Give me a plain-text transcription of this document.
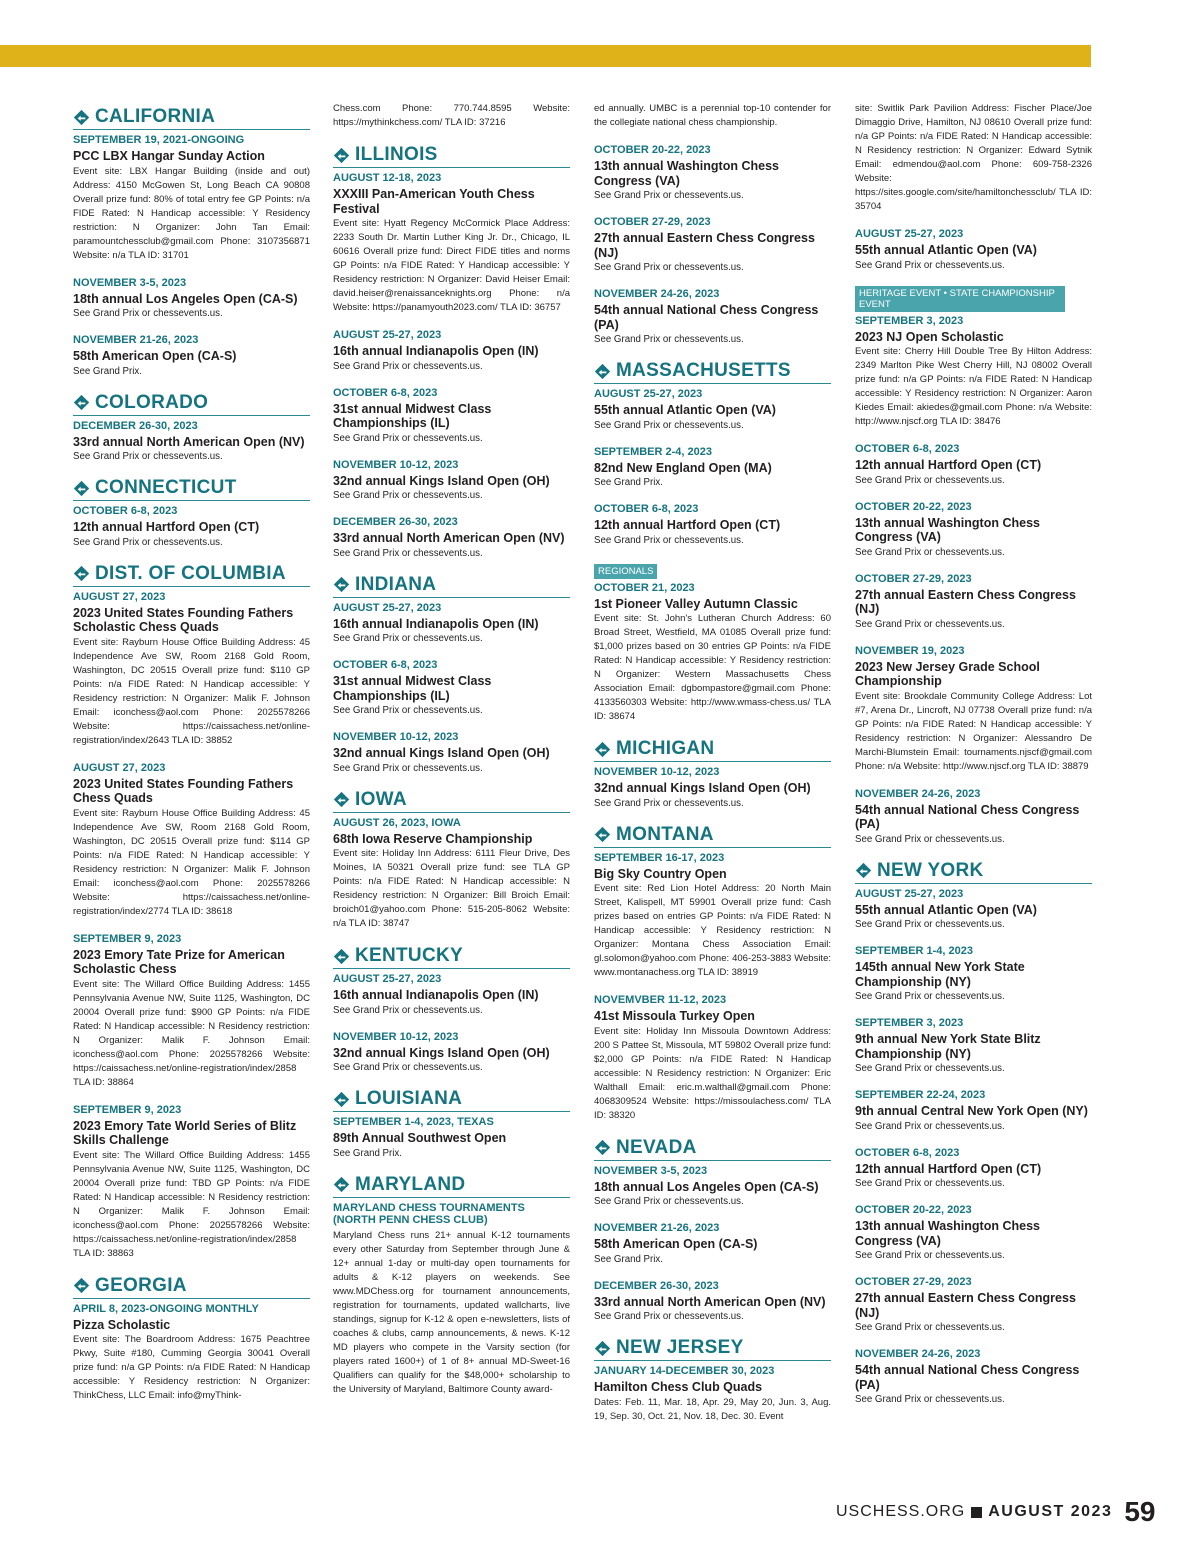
CALIFORNIA
SEPTEMBER 19, 2021-ONGOING
PCC LBX Hangar Sunday Action
Event site: LBX Hangar Building (inside and out) Address: 4150 McGowen St, Long Beach CA 90808 Overall prize fund: 80% of total entry fee GP Points: n/a FIDE Rated: N Handicap accessible: Y Residency restriction: N Organizer: John Tan Email: paramountchessclub@gmail.com Phone: 3107356871 Website: n/a TLA ID: 31701
NOVEMBER 3-5, 2023
18th annual Los Angeles Open (CA-S)
See Grand Prix or chessevents.us.
NOVEMBER 21-26, 2023
58th American Open (CA-S)
See Grand Prix.
COLORADO
DECEMBER 26-30, 2023
33rd annual North American Open (NV)
See Grand Prix or chessevents.us.
CONNECTICUT
OCTOBER 6-8, 2023
12th annual Hartford Open (CT)
See Grand Prix or chessevents.us.
DIST. OF COLUMBIA
AUGUST 27, 2023
2023 United States Founding Fathers Scholastic Chess Quads
Event site: Rayburn House Office Building Address: 45 Independence Ave SW, Room 2168 Gold Room, Washington, DC 20515 Overall prize fund: $110 GP Points: n/a FIDE Rated: N Handicap accessible: Y Residency restriction: N Organizer: Malik F. Johnson Email: iconchess@aol.com Phone: 2025578266 Website: https://caissachess.net/online-registration/index/2643 TLA ID: 38852
AUGUST 27, 2023
2023 United States Founding Fathers Chess Quads
Event site: Rayburn House Office Building Address: 45 Independence Ave SW, Room 2168 Gold Room, Washington, DC 20515 Overall prize fund: $114 GP Points: n/a FIDE Rated: N Handicap accessible: Y Residency restriction: N Organizer: Malik F. Johnson Email: iconchess@aol.com Phone: 2025578266 Website: https://caissachess.net/online-registration/index/2774 TLA ID: 38618
SEPTEMBER 9, 2023
2023 Emory Tate Prize for American Scholastic Chess
Event site: The Willard Office Building Address: 1455 Pennsylvania Avenue NW, Suite 1125, Washington, DC 20004 Overall prize fund: $900 GP Points: n/a FIDE Rated: N Handicap accessible: N Residency restriction: N Organizer: Malik F. Johnson Email: iconchess@aol.com Phone: 2025578266 Website: https://caissachess.net/online-registration/index/2858 TLA ID: 38864
SEPTEMBER 9, 2023
2023 Emory Tate World Series of Blitz Skills Challenge
Event site: The Willard Office Building Address: 1455 Pennsylvania Avenue NW, Suite 1125, Washington, DC 20004 Overall prize fund: TBD GP Points: n/a FIDE Rated: N Handicap accessible: N Residency restriction: N Organizer: Malik F. Johnson Email: iconchess@aol.com Phone: 2025578266 Website: https://caissachess.net/online-registration/index/2858 TLA ID: 38863
GEORGIA
APRIL 8, 2023-ONGOING MONTHLY
Pizza Scholastic
Event site: The Boardroom Address: 1675 Peachtree Pkwy, Suite #180, Cumming Georgia 30041 Overall prize fund: n/a GP Points: n/a FIDE Rated: N Handicap accessible: Y Residency restriction: N Organizer: ThinkChess, LLC Email: info@myThink-
Chess.com Phone: 770.744.8595 Website: https://mythinkchess.com/ TLA ID: 37216
ILLINOIS
AUGUST 12-18, 2023
XXXIII Pan-American Youth Chess Festival
Event site: Hyatt Regency McCormick Place Address: 2233 South Dr. Martin Luther King Jr. Dr., Chicago, IL 60616 Overall prize fund: Direct FIDE titles and norms GP Points: n/a FIDE Rated: Y Handicap accessible: Y Residency restriction: N Organizer: David Heiser Email: david.heiser@renaissanceknights.org Phone: n/a Website: https://panamyouth2023.com/ TLA ID: 36757
AUGUST 25-27, 2023
16th annual Indianapolis Open (IN)
See Grand Prix or chessevents.us.
OCTOBER 6-8, 2023
31st annual Midwest Class Championships (IL)
See Grand Prix or chessevents.us.
NOVEMBER 10-12, 2023
32nd annual Kings Island Open (OH)
See Grand Prix or chessevents.us.
DECEMBER 26-30, 2023
33rd annual North American Open (NV)
See Grand Prix or chessevents.us.
INDIANA
AUGUST 25-27, 2023
16th annual Indianapolis Open (IN)
See Grand Prix or chessevents.us.
OCTOBER 6-8, 2023
31st annual Midwest Class Championships (IL)
See Grand Prix or chessevents.us.
NOVEMBER 10-12, 2023
32nd annual Kings Island Open (OH)
See Grand Prix or chessevents.us.
IOWA
AUGUST 26, 2023, IOWA
68th Iowa Reserve Championship
Event site: Holiday Inn Address: 6111 Fleur Drive, Des Moines, IA 50321 Overall prize fund: see TLA GP Points: n/a FIDE Rated: N Handicap accessible: N Residency restriction: N Organizer: Bill Broich Email: broich01@yahoo.com Phone: 515-205-8062 Website: n/a TLA ID: 38747
KENTUCKY
AUGUST 25-27, 2023
16th annual Indianapolis Open (IN)
See Grand Prix or chessevents.us.
NOVEMBER 10-12, 2023
32nd annual Kings Island Open (OH)
See Grand Prix or chessevents.us.
LOUISIANA
SEPTEMBER 1-4, 2023, TEXAS
89th Annual Southwest Open
See Grand Prix.
MARYLAND
MARYLAND CHESS TOURNAMENTS (NORTH PENN CHESS CLUB)
Maryland Chess runs 21+ annual K-12 tournaments every other Saturday from September through June & 12+ annual 1-day or multi-day open tournaments for adults & K-12 players on weekends. See www.MDChess.org for tournament announcements, registration for tournaments, updated wallcharts, live standings, signup for K-12 & open e-newsletters, lists of coaches & clubs, camp announcements, & news. K-12 MD players who compete in the Varsity section (for players rated 1600+) of 1 of 8+ annual MD-Sweet-16 Qualifiers can qualify for the $48,000+ scholarship to the University of Maryland, Baltimore County award-
ed annually. UMBC is a perennial top-10 contender for the collegiate national chess championship.
OCTOBER 20-22, 2023
13th annual Washington Chess Congress (VA)
See Grand Prix or chessevents.us.
OCTOBER 27-29, 2023
27th annual Eastern Chess Congress (NJ)
See Grand Prix or chessevents.us.
NOVEMBER 24-26, 2023
54th annual National Chess Congress (PA)
See Grand Prix or chessevents.us.
MASSACHUSETTS
AUGUST 25-27, 2023
55th annual Atlantic Open (VA)
See Grand Prix or chessevents.us.
SEPTEMBER 2-4, 2023
82nd New England Open (MA)
See Grand Prix.
OCTOBER 6-8, 2023
12th annual Hartford Open (CT)
See Grand Prix or chessevents.us.
REGIONALS
OCTOBER 21, 2023
1st Pioneer Valley Autumn Classic
Event site: St. John's Lutheran Church Address: 60 Broad Street, Westfield, MA 01085 Overall prize fund: $1,000 prizes based on 30 entries GP Points: n/a FIDE Rated: N Handicap accessible: Y Residency restriction: N Organizer: Western Massachusetts Chess Association Email: dgbompastore@gmail.com Phone: 4133560303 Website: http://www.wmass-chess.us/ TLA ID: 38674
MICHIGAN
NOVEMBER 10-12, 2023
32nd annual Kings Island Open (OH)
See Grand Prix or chessevents.us.
MONTANA
SEPTEMBER 16-17, 2023
Big Sky Country Open
Event site: Red Lion Hotel Address: 20 North Main Street, Kalispell, MT 59901 Overall prize fund: Cash prizes based on entries GP Points: n/a FIDE Rated: N Handicap accessible: Y Residency restriction: N Organizer: Montana Chess Association Email: gl.solomon@yahoo.com Phone: 406-253-3883 Website: www.montanachess.org TLA ID: 38919
NOVEMVBER 11-12, 2023
41st Missoula Turkey Open
Event site: Holiday Inn Missoula Downtown Address: 200 S Pattee St, Missoula, MT 59802 Overall prize fund: $2,000 GP Points: n/a FIDE Rated: N Handicap accessible: N Residency restriction: N Organizer: Eric Walthall Email: eric.m.walthall@gmail.com Phone: 4068309524 Website: https://missoulachess.com/ TLA ID: 38320
NEVADA
NOVEMBER 3-5, 2023
18th annual Los Angeles Open (CA-S)
See Grand Prix or chessevents.us.
NOVEMBER 21-26, 2023
58th American Open (CA-S)
See Grand Prix.
DECEMBER 26-30, 2023
33rd annual North American Open (NV)
See Grand Prix or chessevents.us.
NEW JERSEY
JANUARY 14-DECEMBER 30, 2023
Hamilton Chess Club Quads
Dates: Feb. 11, Mar. 18, Apr. 29, May 20, Jun. 3, Aug. 19, Sep. 30, Oct. 21, Nov. 18, Dec. 30. Event
site: Switlik Park Pavilion Address: Fischer Place/Joe Dimaggio Drive, Hamilton, NJ 08610 Overall prize fund: n/a GP Points: n/a FIDE Rated: N Handicap accessible: N Residency restriction: N Organizer: Edward Sytnik Email: edmendou@aol.com Phone: 609-758-2326 Website: https://sites.google.com/site/hamiltonchessclub/ TLA ID: 35704
AUGUST 25-27, 2023
55th annual Atlantic Open (VA)
See Grand Prix or chessevents.us.
HERITAGE EVENT • STATE CHAMPIONSHIP EVENT
SEPTEMBER 3, 2023
2023 NJ Open Scholastic
Event site: Cherry Hill Double Tree By Hilton Address: 2349 Marlton Pike West Cherry Hill, NJ 08002 Overall prize fund: n/a GP Points: n/a FIDE Rated: N Handicap accessible: Y Residency restriction: N Organizer: Aaron Kiedes Email: akiedes@gmail.com Phone: n/a Website: http://www.njscf.org TLA ID: 38476
OCTOBER 6-8, 2023
12th annual Hartford Open (CT)
See Grand Prix or chessevents.us.
OCTOBER 20-22, 2023
13th annual Washington Chess Congress (VA)
See Grand Prix or chessevents.us.
OCTOBER 27-29, 2023
27th annual Eastern Chess Congress (NJ)
See Grand Prix or chessevents.us.
NOVEMBER 19, 2023
2023 New Jersey Grade School Championship
Event site: Brookdale Community College Address: Lot #7, Arena Dr., Lincroft, NJ 07738 Overall prize fund: n/a GP Points: n/a FIDE Rated: N Handicap accessible: Y Residency restriction: N Organizer: Alessandro De Marchi-Blumstein Email: tournaments.njscf@gmail.com Phone: n/a Website: http://www.njscf.org TLA ID: 38879
NOVEMBER 24-26, 2023
54th annual National Chess Congress (PA)
See Grand Prix or chessevents.us.
NEW YORK
AUGUST 25-27, 2023
55th annual Atlantic Open (VA)
See Grand Prix or chessevents.us.
SEPTEMBER 1-4, 2023
145th annual New York State Championship (NY)
See Grand Prix or chessevents.us.
SEPTEMBER 3, 2023
9th annual New York State Blitz Championship (NY)
See Grand Prix or chessevents.us.
SEPTEMBER 22-24, 2023
9th annual Central New York Open (NY)
See Grand Prix or chessevents.us.
OCTOBER 6-8, 2023
12th annual Hartford Open (CT)
See Grand Prix or chessevents.us.
OCTOBER 20-22, 2023
13th annual Washington Chess Congress (VA)
See Grand Prix or chessevents.us.
OCTOBER 27-29, 2023
27th annual Eastern Chess Congress (NJ)
See Grand Prix or chessevents.us.
NOVEMBER 24-26, 2023
54th annual National Chess Congress (PA)
See Grand Prix or chessevents.us.
USCHESS.ORG AUGUST 2023 59
